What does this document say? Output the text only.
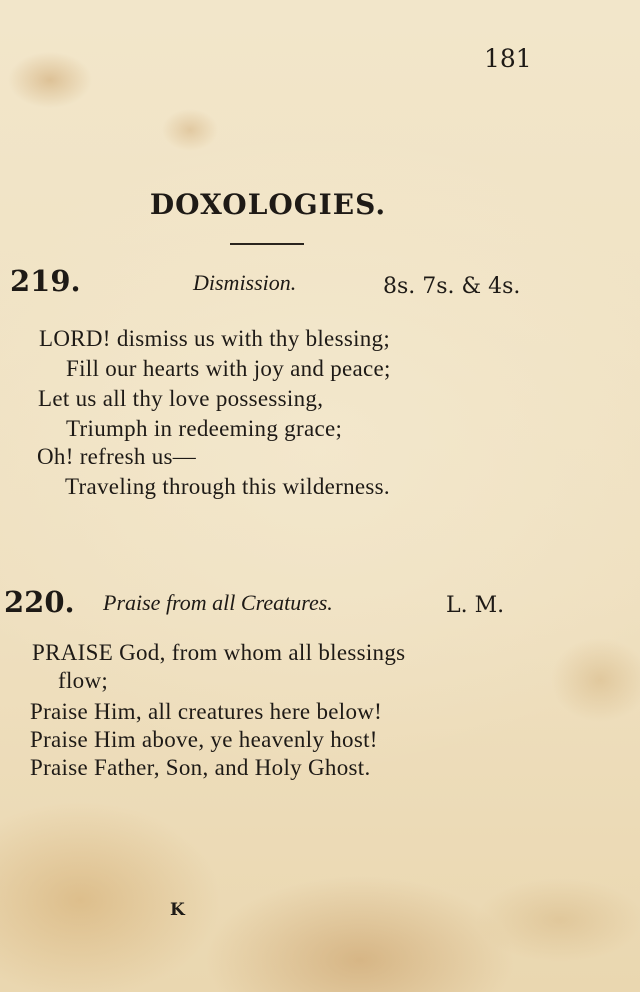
181
DOXOLOGIES.
219.	Dismission.	8s. 7s. & 4s.
LORD! dismiss us with thy blessing;
Fill our hearts with joy and peace;
Let us all thy love possessing,
Triumph in redeeming grace;
Oh! refresh us—
Traveling through this wilderness.
220. Praise from all Creatures.	L. M.
PRAISE God, from whom all blessings
flow;
Praise Him, all creatures here below!
Praise Him above, ye heavenly host!
Praise Father, Son, and Holy Ghost.
K
